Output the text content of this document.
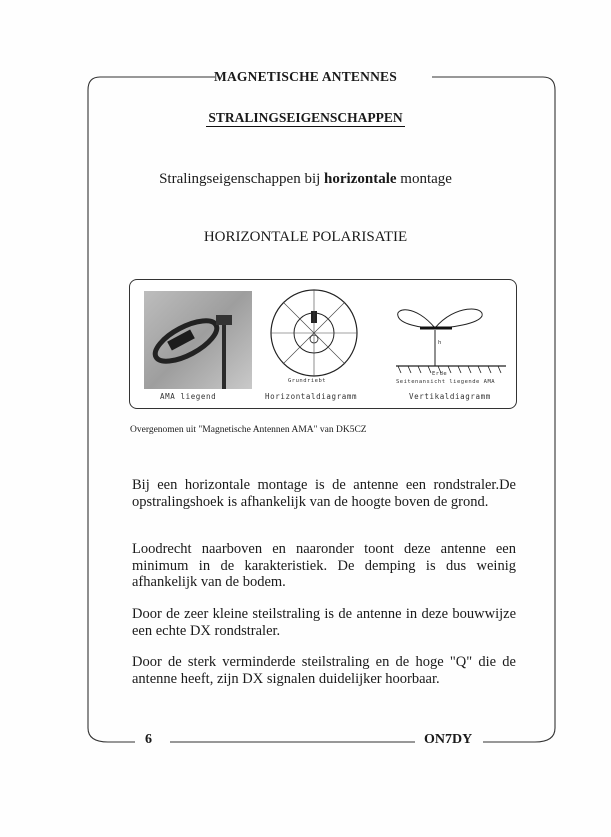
MAGNETISCHE ANTENNES
STRALINGSEIGENSCHAPPEN
Stralingseigenschappen bij horizontale montage
HORIZONTALE POLARISATIE
Grundriebt
h
Erde
Seitenansicht liegende AMA
AMA liegend	Horizontaldiagramm	Vertikaldiagramm
Overgenomen uit "Magnetische Antennen AMA" van DK5CZ
Bij een horizontale montage is de antenne een rondstraler.De opstralingshoek is afhankelijk van de hoogte boven de grond.
Loodrecht naarboven en naaronder toont deze antenne een minimum in de karakteristiek. De demping is dus weinig afhankelijk van de bodem.
Door de zeer kleine steilstraling is de antenne in deze bouwwijze een echte DX rondstraler.
Door de sterk verminderde steilstraling en de hoge "Q" die de antenne heeft, zijn DX signalen duidelijker hoorbaar.
6	ON7DY
